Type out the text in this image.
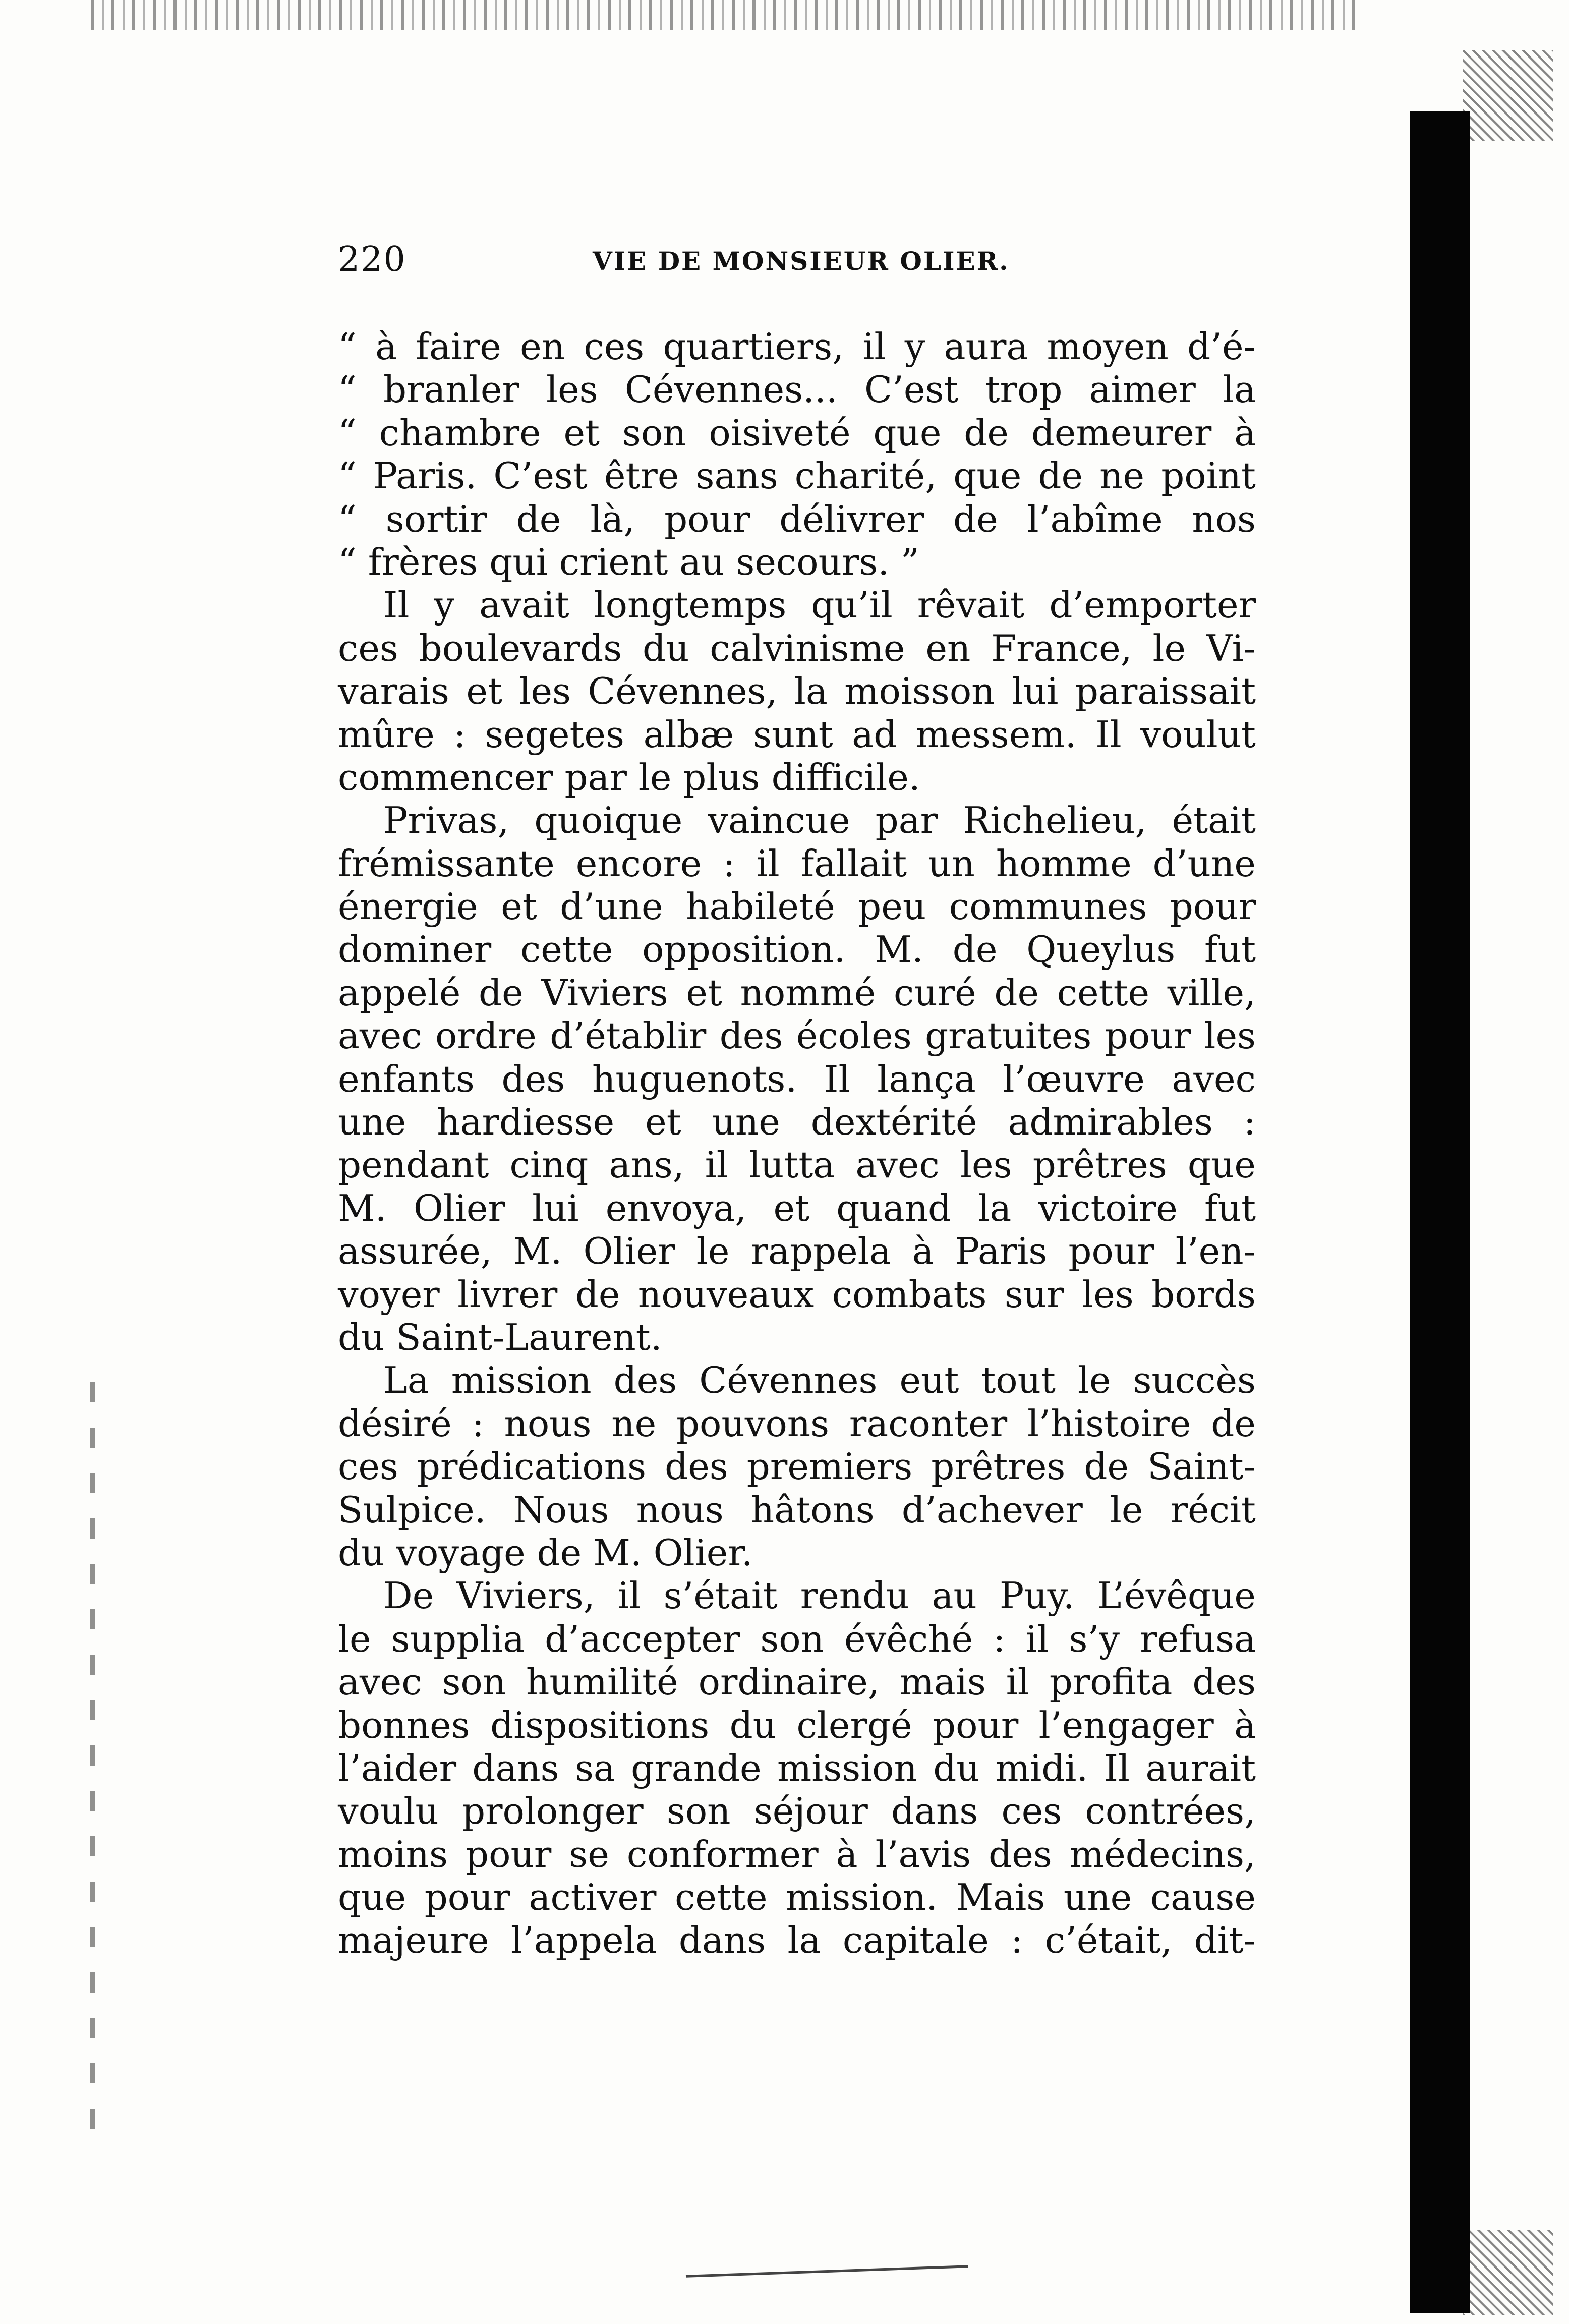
220	VIE DE MONSIEUR OLIER.
“ à faire en ces quartiers, il y aura moyen d’é-
“ branler les Cévennes... C’est trop aimer la
“ chambre et son oisiveté que de demeurer à
“ Paris. C’est être sans charité, que de ne point
“ sortir de là, pour délivrer de l’abîme nos
“ frères qui crient au secours. ”
Il y avait longtemps qu’il rêvait d’emporter
ces boulevards du calvinisme en France, le Vi-
varais et les Cévennes, la moisson lui paraissait
mûre : segetes albæ sunt ad messem. Il voulut
commencer par le plus difficile.
Privas, quoique vaincue par Richelieu, était
frémissante encore : il fallait un homme d’une
énergie et d’une habileté peu communes pour
dominer cette opposition. M. de Queylus fut
appelé de Viviers et nommé curé de cette ville,
avec ordre d’établir des écoles gratuites pour les
enfants des huguenots. Il lança l’œuvre avec
une hardiesse et une dextérité admirables :
pendant cinq ans, il lutta avec les prêtres que
M. Olier lui envoya, et quand la victoire fut
assurée, M. Olier le rappela à Paris pour l’en-
voyer livrer de nouveaux combats sur les bords
du Saint-Laurent.
La mission des Cévennes eut tout le succès
désiré : nous ne pouvons raconter l’histoire de
ces prédications des premiers prêtres de Saint-
Sulpice. Nous nous hâtons d’achever le récit
du voyage de M. Olier.
De Viviers, il s’était rendu au Puy. L’évêque
le supplia d’accepter son évêché : il s’y refusa
avec son humilité ordinaire, mais il profita des
bonnes dispositions du clergé pour l’engager à
l’aider dans sa grande mission du midi. Il aurait
voulu prolonger son séjour dans ces contrées,
moins pour se conformer à l’avis des médecins,
que pour activer cette mission. Mais une cause
majeure l’appela dans la capitale : c’était, dit-
